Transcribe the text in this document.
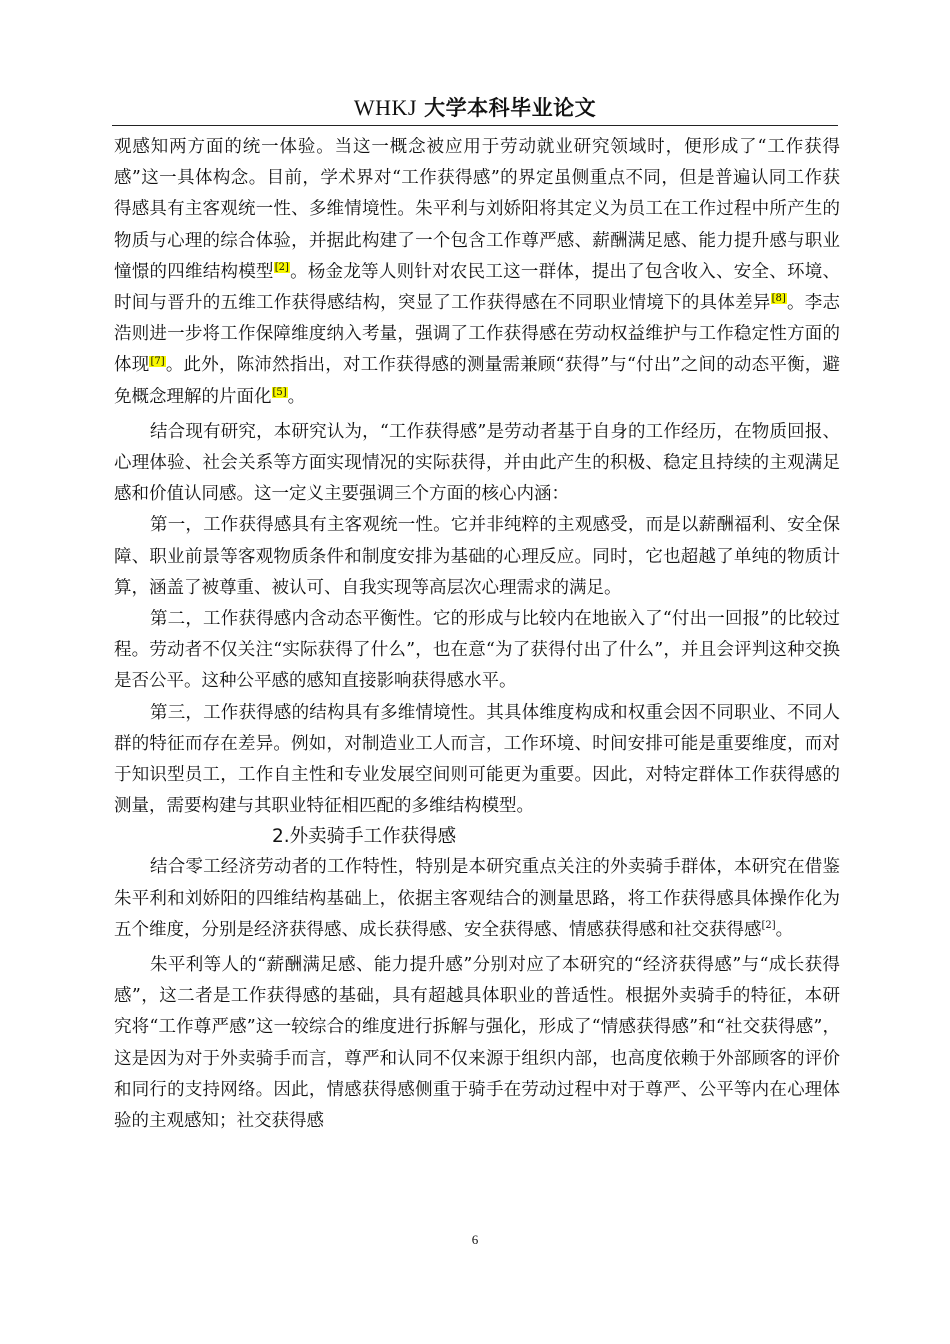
WHKJ 大学本科毕业论文

观感知两方面的统一体验。当这一概念被应用于劳动就业研究领域时，便形成了“工作获得感”这一具体构念。目前，学术界对“工作获得感”的界定虽侧重点不同，但是普遍认同工作获得感具有主客观统一性、多维情境性。朱平利与刘娇阳将其定义为员工在工作过程中所产生的物质与心理的综合体验，并据此构建了一个包含工作尊严感、薪酬满足感、能力提升感与职业憧憬的四维结构模型[2]。杨金龙等人则针对农民工这一群体，提出了包含收入、安全、环境、时间与晋升的五维工作获得感结构，突显了工作获得感在不同职业情境下的具体差异[8]。李志浩则进一步将工作保障维度纳入考量，强调了工作获得感在劳动权益维护与工作稳定性方面的体现[7]。此外，陈沛然指出，对工作获得感的测量需兼顾“获得”与“付出”之间的动态平衡，避免概念理解的片面化[5]。

结合现有研究，本研究认为，“工作获得感”是劳动者基于自身的工作经历，在物质回报、心理体验、社会关系等方面实现情况的实际获得，并由此产生的积极、稳定且持续的主观满足感和价值认同感。这一定义主要强调三个方面的核心内涵：

第一，工作获得感具有主客观统一性。它并非纯粹的主观感受，而是以薪酬福利、安全保障、职业前景等客观物质条件和制度安排为基础的心理反应。同时，它也超越了单纯的物质计算，涵盖了被尊重、被认可、自我实现等高层次心理需求的满足。

第二，工作获得感内含动态平衡性。它的形成与比较内在地嵌入了“付出一回报”的比较过程。劳动者不仅关注“实际获得了什么”，也在意“为了获得付出了什么”，并且会评判这种交换是否公平。这种公平感的感知直接影响获得感水平。

第三，工作获得感的结构具有多维情境性。其具体维度构成和权重会因不同职业、不同人群的特征而存在差异。例如，对制造业工人而言，工作环境、时间安排可能是重要维度，而对于知识型员工，工作自主性和专业发展空间则可能更为重要。因此，对特定群体工作获得感的测量，需要构建与其职业特征相匹配的多维结构模型。

2.外卖骑手工作获得感

结合零工经济劳动者的工作特性，特别是本研究重点关注的外卖骑手群体，本研究在借鉴朱平利和刘娇阳的四维结构基础上，依据主客观结合的测量思路，将工作获得感具体操作化为五个维度，分别是经济获得感、成长获得感、安全获得感、情感获得感和社交获得感[2]。

朱平利等人的“薪酬满足感、能力提升感”分别对应了本研究的“经济获得感”与“成长获得感”，这二者是工作获得感的基础，具有超越具体职业的普适性。根据外卖骑手的特征，本研究将“工作尊严感”这一较综合的维度进行拆解与强化，形成了“情感获得感”和“社交获得感”，这是因为对于外卖骑手而言，尊严和认同不仅来源于组织内部，也高度依赖于外部顾客的评价和同行的支持网络。因此，情感获得感侧重于骑手在劳动过程中对于尊严、公平等内在心理体验的主观感知；社交获得感

6
